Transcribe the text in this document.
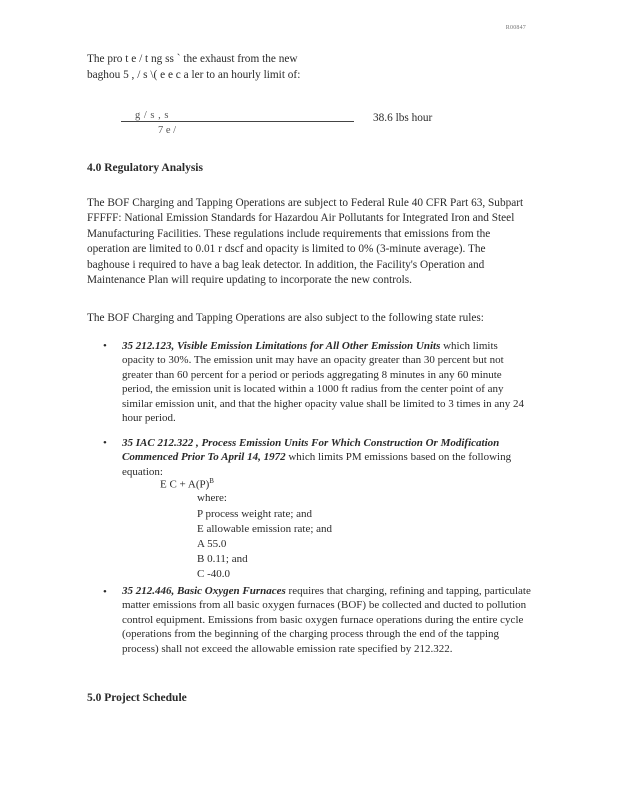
R00847

The pro t e / t ng ss ` the exhaust from the new

baghou 5 , / s \( e e c a ler to an hourly limit of:

g / s , s
7 e /
38.6 lbs hour
4.0 Regulatory Analysis

The BOF Charging and Tapping Operations are subject to Federal Rule 40 CFR Part 63, Subpart FFFFF: National Emission Standards for Hazardou Air Pollutants for Integrated Iron and Steel Manufacturing Facilities. These regulations include requirements that emissions from the operation are limited to 0.01 r dscf and opacity is limited to 0% (3-minute average). The baghouse i required to have a bag leak detector. In addition, the Facility's Operation and Maintenance Plan will require updating to incorporate the new controls.

The BOF Charging and Tapping Operations are also subject to the following state rules:

• 35 212.123, Visible Emission Limitations for All Other Emission Units which limits opacity to 30%. The emission unit may have an opacity greater than 30 percent but not greater than 60 percent for a period or periods aggregating 8 minutes in any 60 minute period, the emission unit is located within a 1000 ft radius from the center point of any similar emission unit, and that the higher opacity value shall be limited to 3 times in any 24 hour period.

• 35 IAC 212.322 , Process Emission Units For Which Construction Or Modification Commenced Prior To April 14, 1972 which limits PM emissions based on the following equation:

E $C + A(P)^B$
where:
P process weight rate; and
E allowable emission rate; and
A 55.0
B 0.11; and
C -40.0
• 35 212.446, Basic Oxygen Furnaces requires that charging, refining and tapping, particulate matter emissions from all basic oxygen furnaces (BOF) be collected and ducted to pollution control equipment. Emissions from basic oxygen furnace operations during the entire cycle (operations from the beginning of the charging process through the end of the tapping process) shall not exceed the allowable emission rate specified by 212.322.

5.0 Project Schedule
